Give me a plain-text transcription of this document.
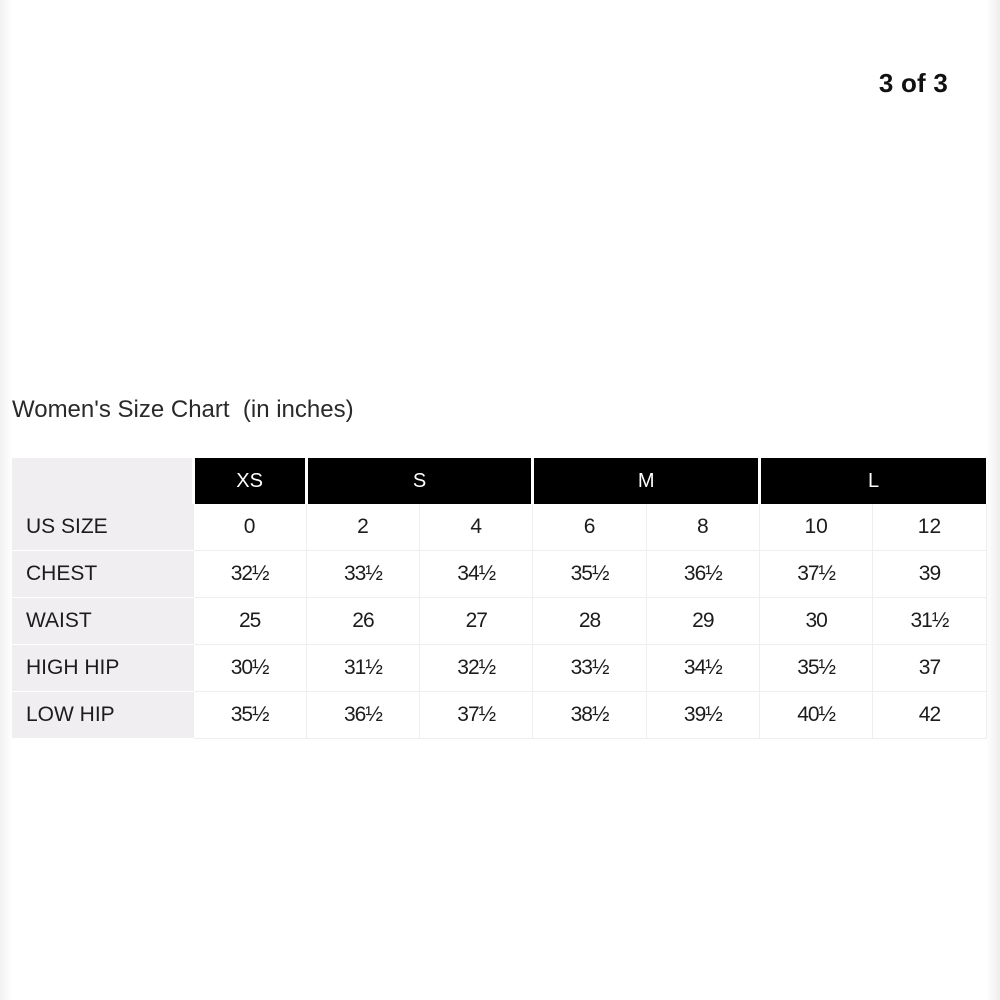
3 of 3
Women's Size Chart  (in inches)
	XS	S		M		L	
US SIZE	0	2	4	6	8	10	12
CHEST	32½	33½	34½	35½	36½	37½	39
WAIST	25	26	27	28	29	30	31½
HIGH HIP	30½	31½	32½	33½	34½	35½	37
LOW HIP	35½	36½	37½	38½	39½	40½	42
